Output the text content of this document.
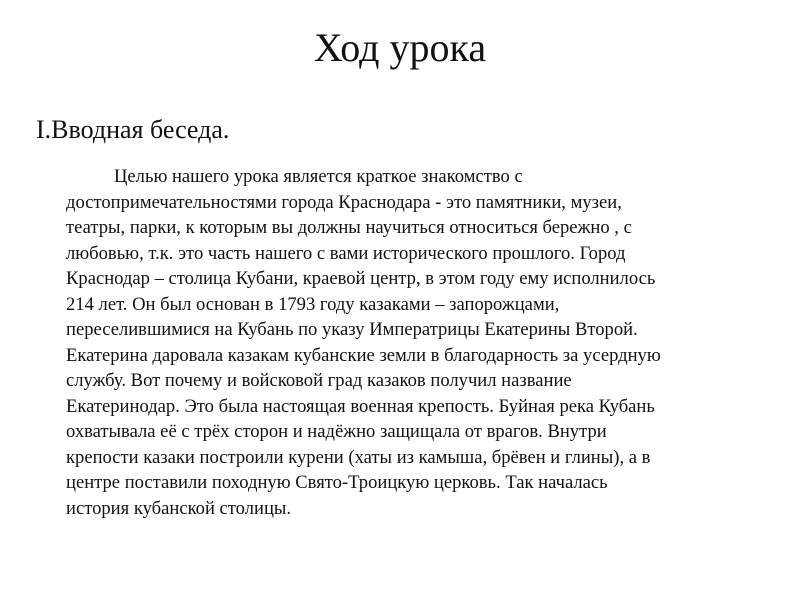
Ход урока
I.Вводная беседа.
Целью нашего урока является краткое знакомство с
достопримечательностями города Краснодара - это памятники, музеи,
театры, парки, к которым вы должны научиться относиться бережно , с
любовью, т.к. это часть нашего с вами исторического прошлого. Город
Краснодар – столица Кубани, краевой центр, в этом году ему исполнилось
214 лет. Он был основан в 1793 году казаками – запорожцами,
переселившимися на Кубань по указу Императрицы Екатерины Второй.
Екатерина даровала казакам кубанские земли в благодарность за усердную
службу. Вот почему и войсковой град казаков получил название
Екатеринодар. Это была настоящая военная крепость. Буйная река Кубань
охватывала её с трёх сторон и надёжно защищала от врагов. Внутри
крепости казаки построили курени (хаты из камыша, брёвен и глины), а в
центре поставили походную Свято-Троицкую церковь. Так началась
история кубанской столицы.
